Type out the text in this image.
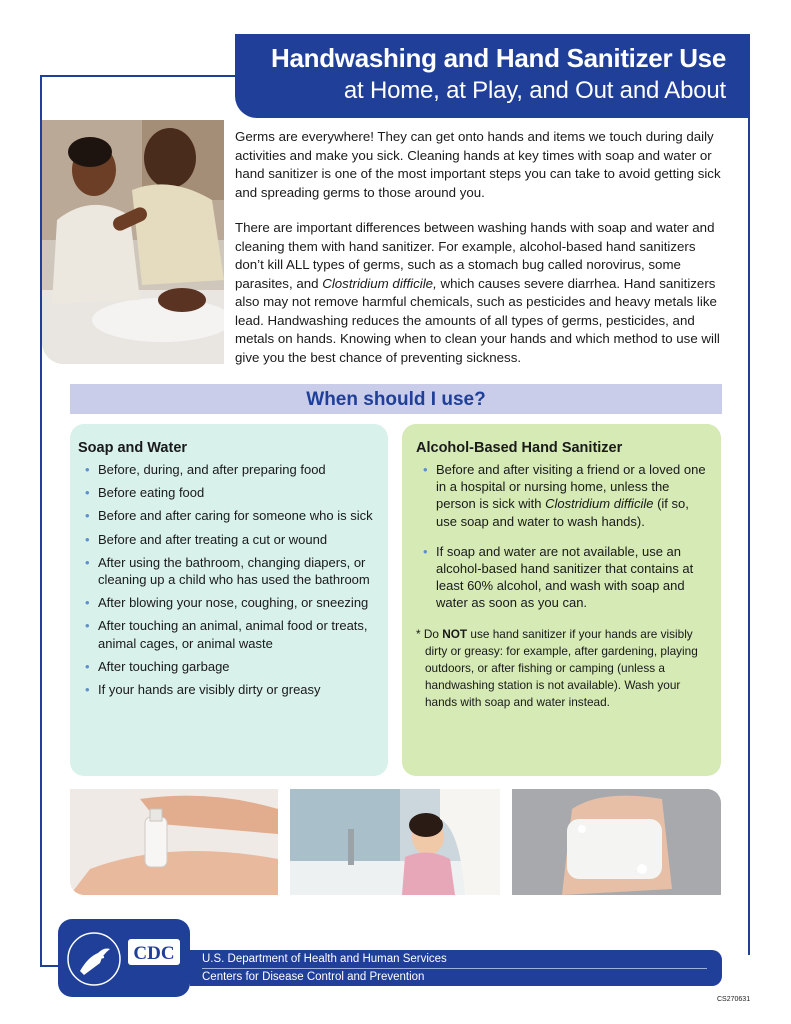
Handwashing and Hand Sanitizer Use
at Home, at Play, and Out and About

Germs are everywhere! They can get onto hands and items we touch during daily activities and make you sick. Cleaning hands at key times with soap and water or hand sanitizer is one of the most important steps you can take to avoid getting sick and spreading germs to those around you.

There are important differences between washing hands with soap and water and cleaning them with hand sanitizer. For example, alcohol-based hand sanitizers don’t kill ALL types of germs, such as a stomach bug called norovirus, some parasites, and Clostridium difficile, which causes severe diarrhea. Hand sanitizers also may not remove harmful chemicals, such as pesticides and heavy metals like lead. Handwashing reduces the amounts of all types of germs, pesticides, and metals on hands. Knowing when to clean your hands and which method to use will give you the best chance of preventing sickness.

When should I use?
Soap and Water
• Before, during, and after preparing food
• Before eating food
• Before and after caring for someone who is sick
• Before and after treating a cut or wound
• After using the bathroom, changing diapers, or cleaning up a child who has used the bathroom
• After blowing your nose, coughing, or sneezing
• After touching an animal, animal food or treats, animal cages, or animal waste
• After touching garbage
• If your hands are visibly dirty or greasy
Alcohol-Based Hand Sanitizer
• Before and after visiting a friend or a loved one in a hospital or nursing home, unless the person is sick with Clostridium difficile (if so, use soap and water to wash hands).
• If soap and water are not available, use an alcohol-based hand sanitizer that contains at least 60% alcohol, and wash with soap and water as soon as you can.

* Do NOT use hand sanitizer if your hands are visibly dirty or greasy: for example, after gardening, playing outdoors, or after fishing or camping (unless a handwashing station is not available). Wash your hands with soap and water instead.

CDC U.S. Department of Health and Human Services
Centers for Disease Control and Prevention
CS270631
